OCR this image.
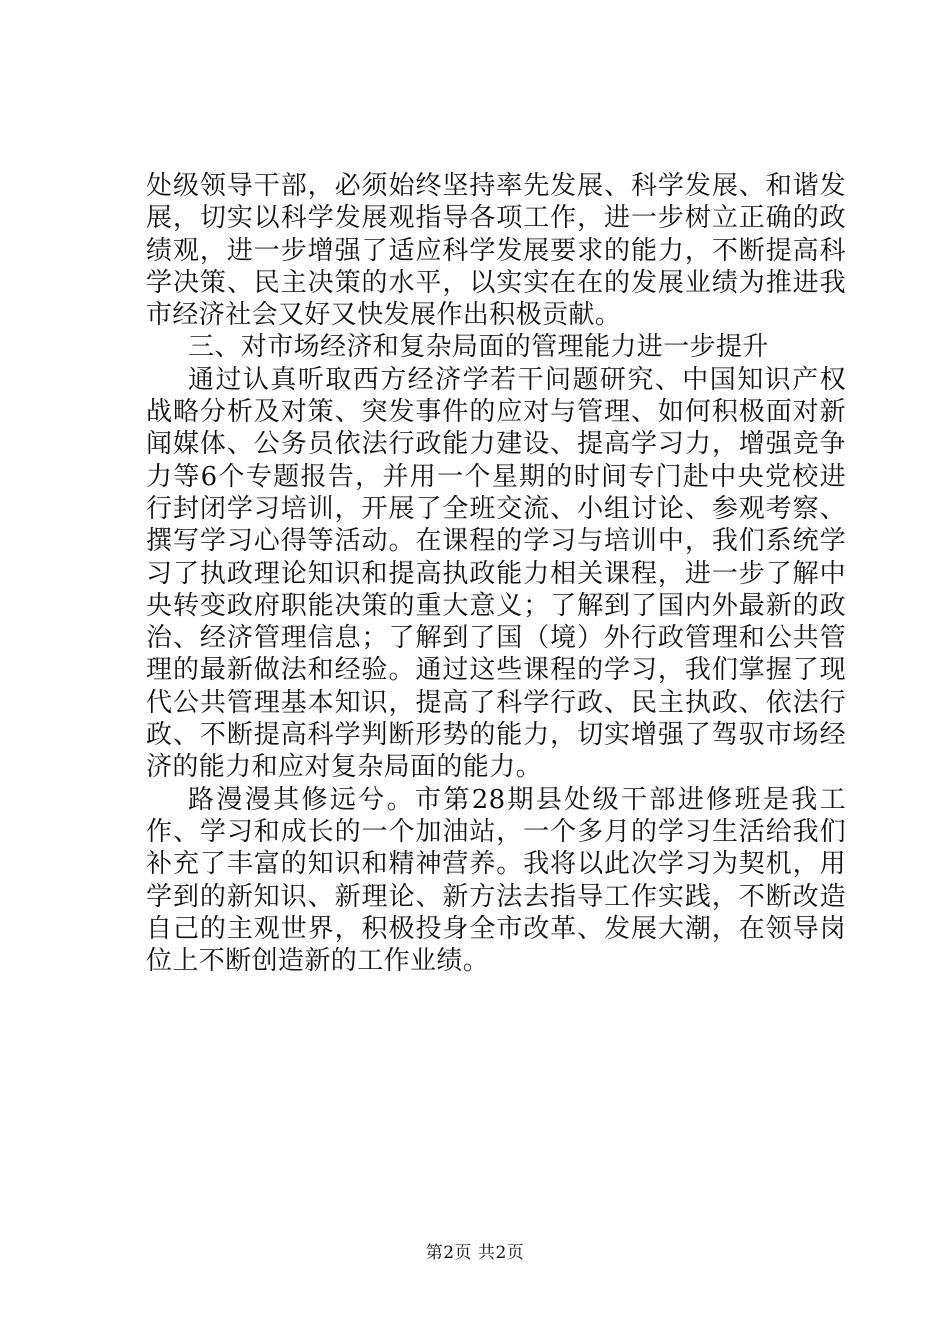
处级领导干部，必须始终坚持率先发展、科学发展、和谐发展，切实以科学发展观指导各项工作，进一步树立正确的政绩观，进一步增强了适应科学发展要求的能力，不断提高科学决策、民主决策的水平，以实实在在的发展业绩为推进我市经济社会又好又快发展作出积极贡献。

三、对市场经济和复杂局面的管理能力进一步提升

通过认真听取西方经济学若干问题研究、中国知识产权战略分析及对策、突发事件的应对与管理、如何积极面对新闻媒体、公务员依法行政能力建设、提高学习力，增强竞争力等6个专题报告，并用一个星期的时间专门赴中央党校进行封闭学习培训，开展了全班交流、小组讨论、参观考察、撰写学习心得等活动。在课程的学习与培训中，我们系统学习了执政理论知识和提高执政能力相关课程，进一步了解中央转变政府职能决策的重大意义；了解到了国内外最新的政治、经济管理信息；了解到了国（境）外行政管理和公共管理的最新做法和经验。通过这些课程的学习，我们掌握了现代公共管理基本知识，提高了科学行政、民主执政、依法行政、不断提高科学判断形势的能力，切实增强了驾驭市场经济的能力和应对复杂局面的能力。

路漫漫其修远兮。市第28期县处级干部进修班是我工作、学习和成长的一个加油站，一个多月的学习生活给我们补充了丰富的知识和精神营养。我将以此次学习为契机，用学到的新知识、新理论、新方法去指导工作实践，不断改造自己的主观世界，积极投身全市改革、发展大潮，在领导岗位上不断创造新的工作业绩。

第2页 共2页
